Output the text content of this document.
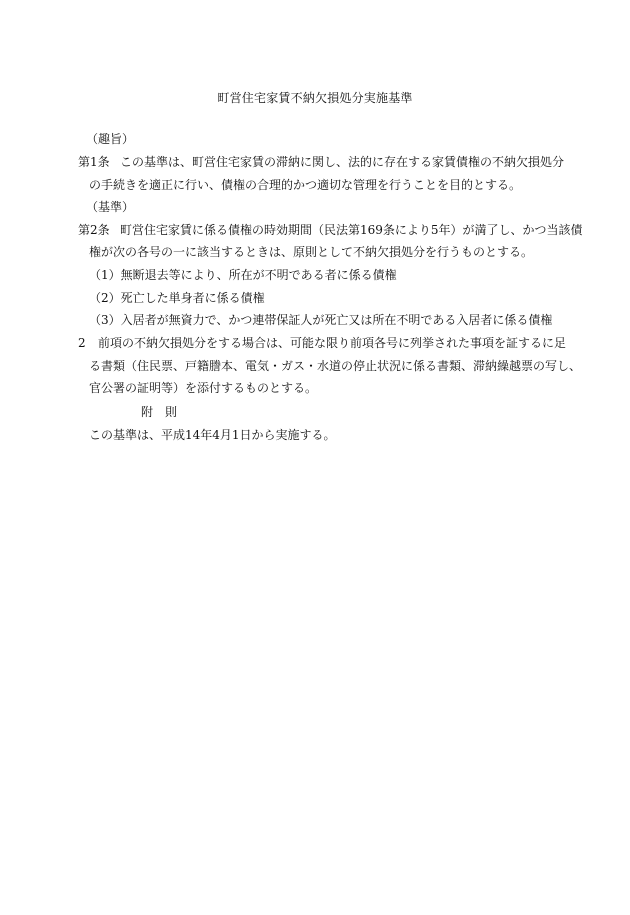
町営住宅家賃不納欠損処分実施基準
（趣旨）
第1条 この基準は、町営住宅家賃の滞納に関し、法的に存在する家賃債権の不納欠損処分
の手続きを適正に行い、債権の合理的かつ適切な管理を行うことを目的とする。
（基準）
第2条 町営住宅家賃に係る債権の時効期間（民法第169条により5年）が満了し、かつ当該債
権が次の各号の一に該当するときは、原則として不納欠損処分を行うものとする。
（1）無断退去等により、所在が不明である者に係る債権
（2）死亡した単身者に係る債権
（3）入居者が無資力で、かつ連帯保証人が死亡又は所在不明である入居者に係る債権
2 前項の不納欠損処分をする場合は、可能な限り前項各号に列挙された事項を証するに足
る書類（住民票、戸籍謄本、電気・ガス・水道の停止状況に係る書類、滞納繰越票の写し、
官公署の証明等）を添付するものとする。
附　則
この基準は、平成14年4月1日から実施する。
